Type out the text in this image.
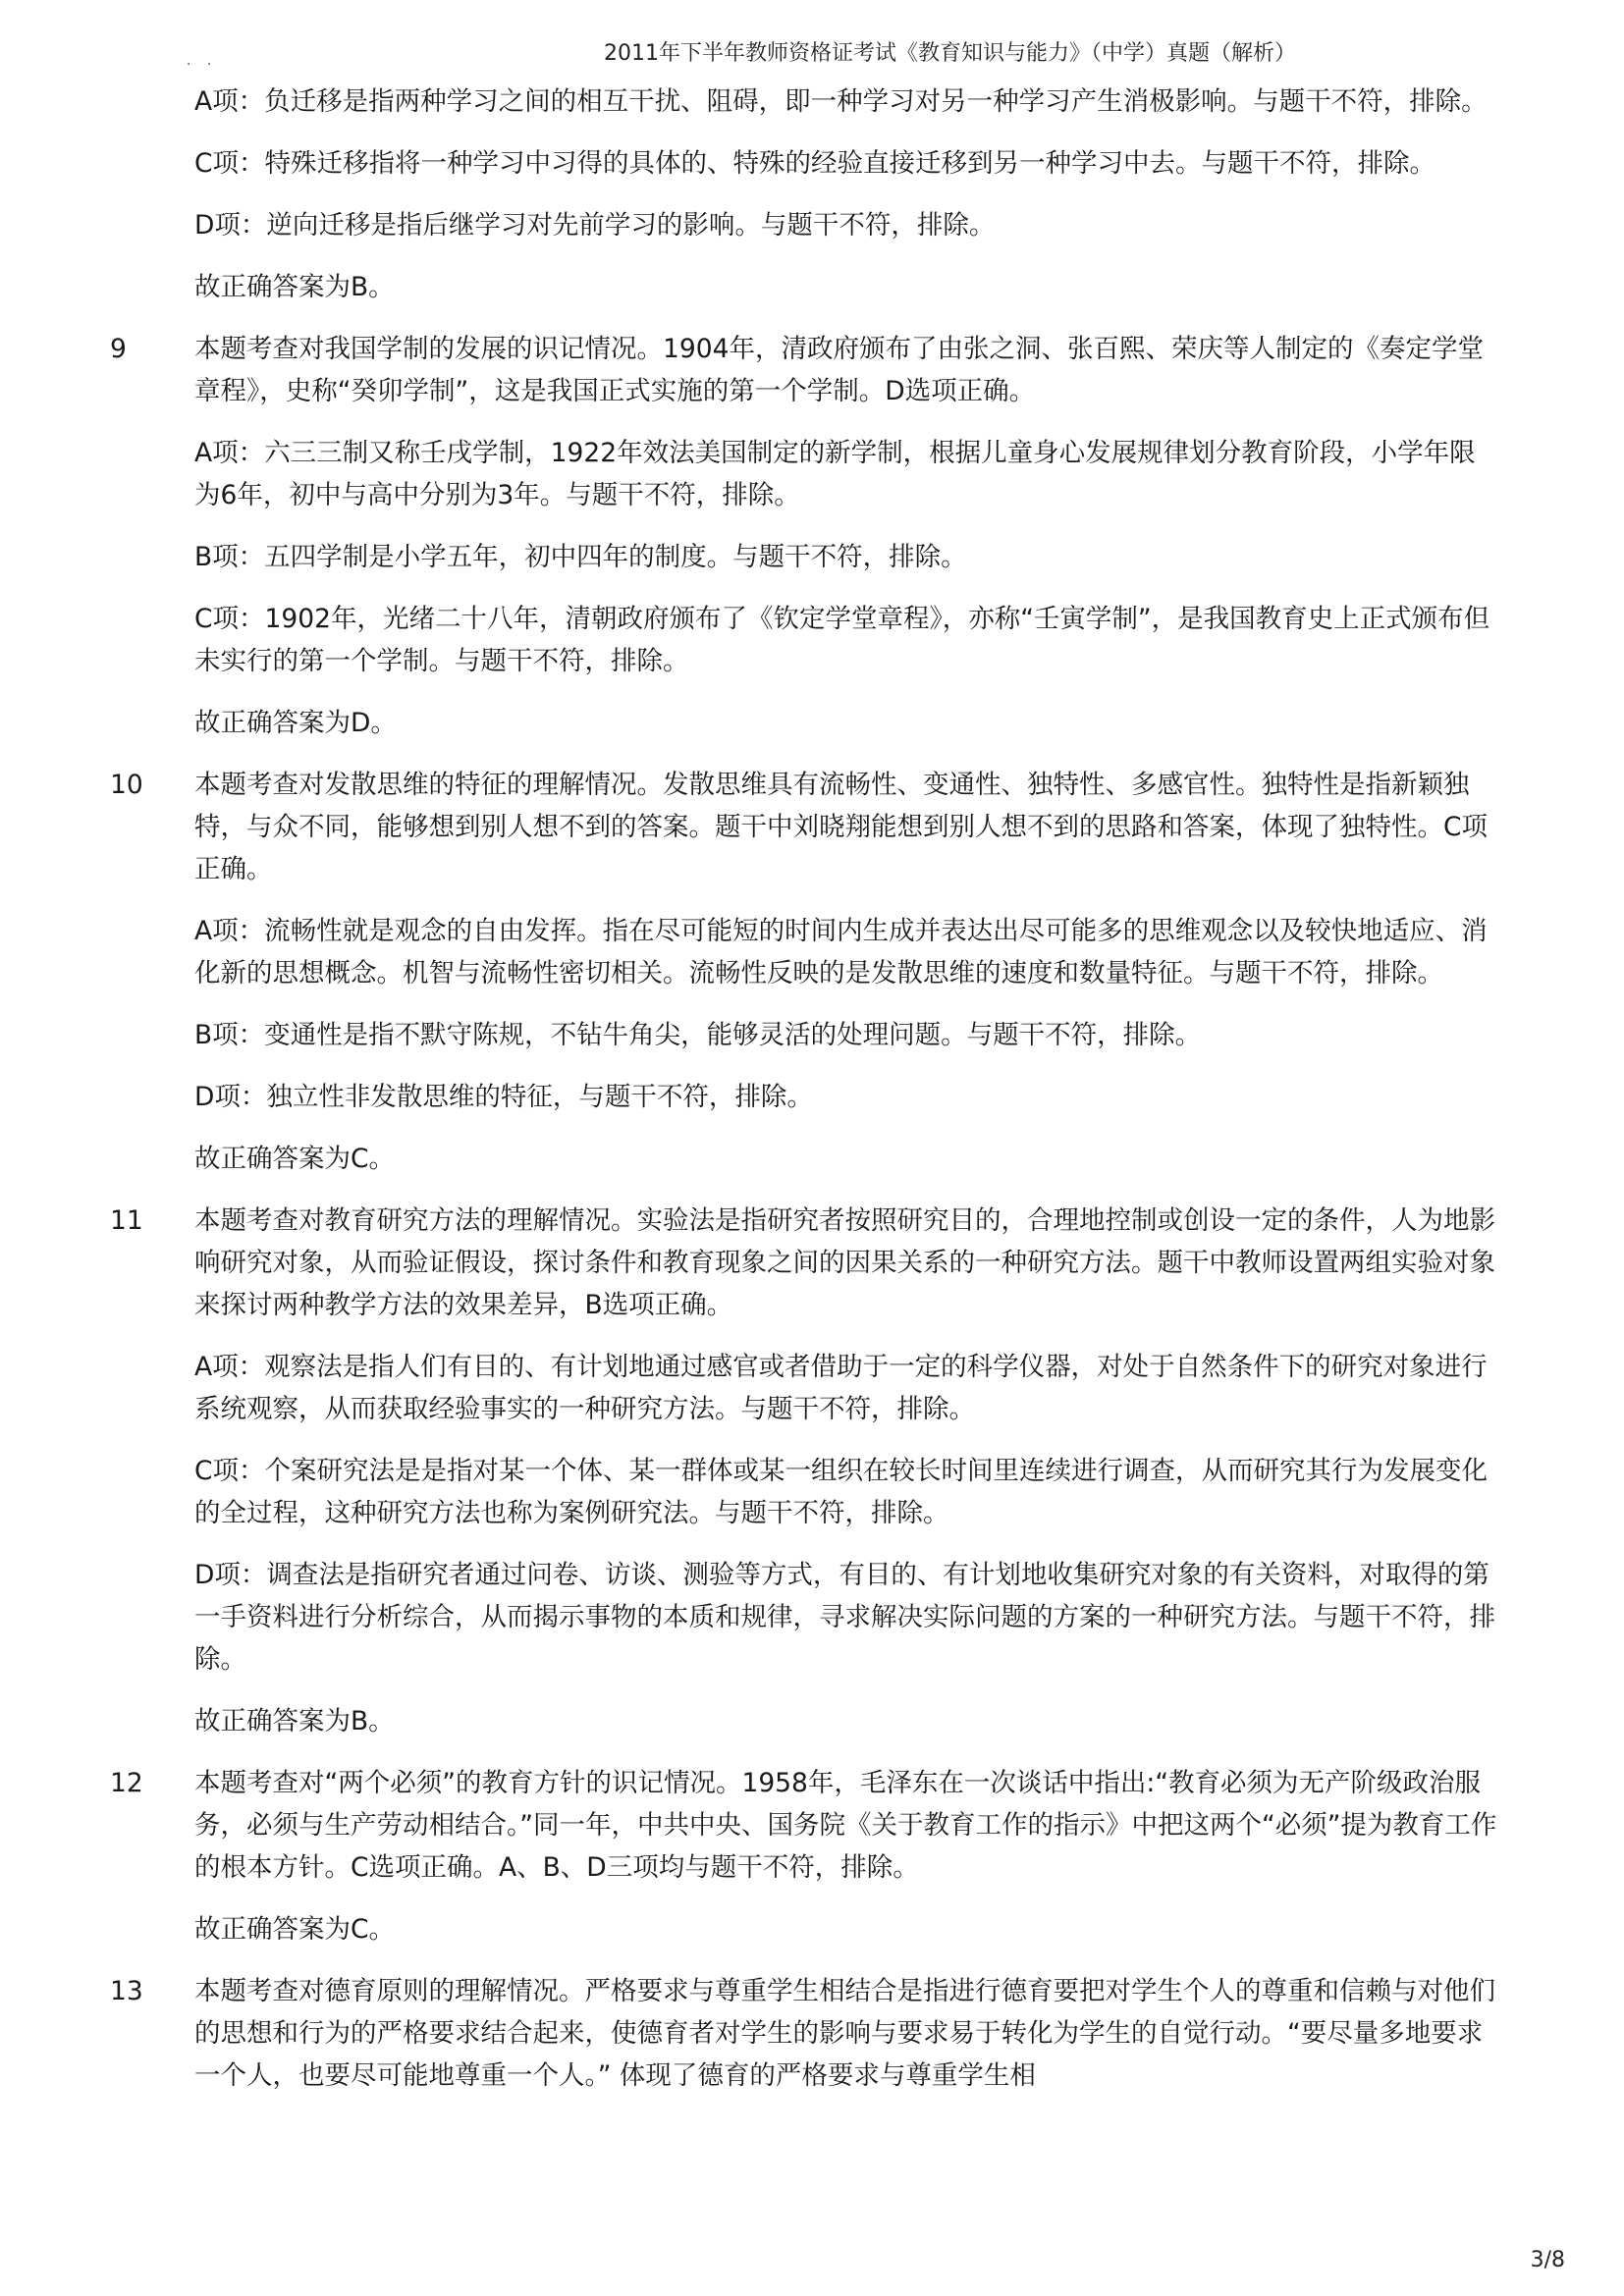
. .	2011年下半年教师资格证考试《教育知识与能力》（中学）真题（解析）
A项：负迁移是指两种学习之间的相互干扰、阻碍，即一种学习对另一种学习产生消极影响。与题干不符，排除。
C项：特殊迁移指将一种学习中习得的具体的、特殊的经验直接迁移到另一种学习中去。与题干不符，排除。
D项：逆向迁移是指后继学习对先前学习的影响。与题干不符，排除。
故正确答案为B。
9	本题考查对我国学制的发展的识记情况。1904年，清政府颁布了由张之洞、张百熙、荣庆等人制定的《奏定学堂章程》，史称“癸卯学制”，这是我国正式实施的第一个学制。D选项正确。
A项：六三三制又称壬戌学制，1922年效法美国制定的新学制，根据儿童身心发展规律划分教育阶段，小学年限为6年，初中与高中分别为3年。与题干不符，排除。
B项：五四学制是小学五年，初中四年的制度。与题干不符，排除。
C项：1902年，光绪二十八年，清朝政府颁布了《钦定学堂章程》，亦称“壬寅学制”，是我国教育史上正式颁布但未实行的第一个学制。与题干不符，排除。
故正确答案为D。
10	本题考查对发散思维的特征的理解情况。发散思维具有流畅性、变通性、独特性、多感官性。独特性是指新颖独特，与众不同，能够想到别人想不到的答案。题干中刘晓翔能想到别人想不到的思路和答案，体现了独特性。C项正确。
A项：流畅性就是观念的自由发挥。指在尽可能短的时间内生成并表达出尽可能多的思维观念以及较快地适应、消化新的思想概念。机智与流畅性密切相关。流畅性反映的是发散思维的速度和数量特征。与题干不符，排除。
B项：变通性是指不默守陈规，不钻牛角尖，能够灵活的处理问题。与题干不符，排除。
D项：独立性非发散思维的特征，与题干不符，排除。
故正确答案为C。
11	本题考查对教育研究方法的理解情况。实验法是指研究者按照研究目的，合理地控制或创设一定的条件，人为地影响研究对象，从而验证假设，探讨条件和教育现象之间的因果关系的一种研究方法。题干中教师设置两组实验对象来探讨两种教学方法的效果差异，B选项正确。
A项：观察法是指人们有目的、有计划地通过感官或者借助于一定的科学仪器，对处于自然条件下的研究对象进行系统观察，从而获取经验事实的一种研究方法。与题干不符，排除。
C项：个案研究法是是指对某一个体、某一群体或某一组织在较长时间里连续进行调查，从而研究其行为发展变化的全过程，这种研究方法也称为案例研究法。与题干不符，排除。
D项：调查法是指研究者通过问卷、访谈、测验等方式，有目的、有计划地收集研究对象的有关资料，对取得的第一手资料进行分析综合，从而揭示事物的本质和规律，寻求解决实际问题的方案的一种研究方法。与题干不符，排除。
故正确答案为B。
12	本题考查对“两个必须”的教育方针的识记情况。1958年，毛泽东在一次谈话中指出:“教育必须为无产阶级政治服务，必须与生产劳动相结合。”同一年，中共中央、国务院《关于教育工作的指示》中把这两个“必须”提为教育工作的根本方针。C选项正确。A、B、D三项均与题干不符，排除。
故正确答案为C。
13	本题考查对德育原则的理解情况。严格要求与尊重学生相结合是指进行德育要把对学生个人的尊重和信赖与对他们的思想和行为的严格要求结合起来，使德育者对学生的影响与要求易于转化为学生的自觉行动。“要尽量多地要求一个人，也要尽可能地尊重一个人。” 体现了德育的严格要求与尊重学生相
3/8
